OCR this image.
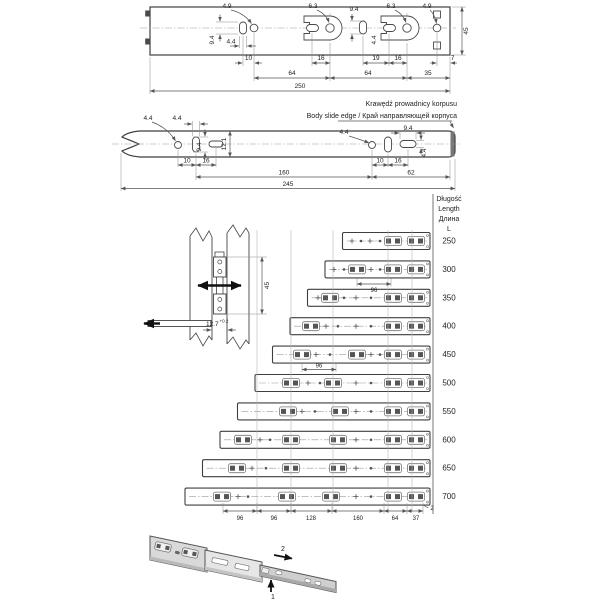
4.9	6.3	9.4	6.3	4.9
4.4
9.4 4.4
10	16	19 16	7
64	64	35
250
45
Krawędź prowadnicy korpusu
Body slide edge / Край направляющей корпуса
4.4	4.4
9.4	12.1
4.4
9.4
4.4
10 16	10 16
160	62
245
45
12.7 +0.2
Długość
Length
Длина
L
250
300
350
400
450
500
550
600
650
700
96
96
96	96	128	160	64 37
2
2
1
